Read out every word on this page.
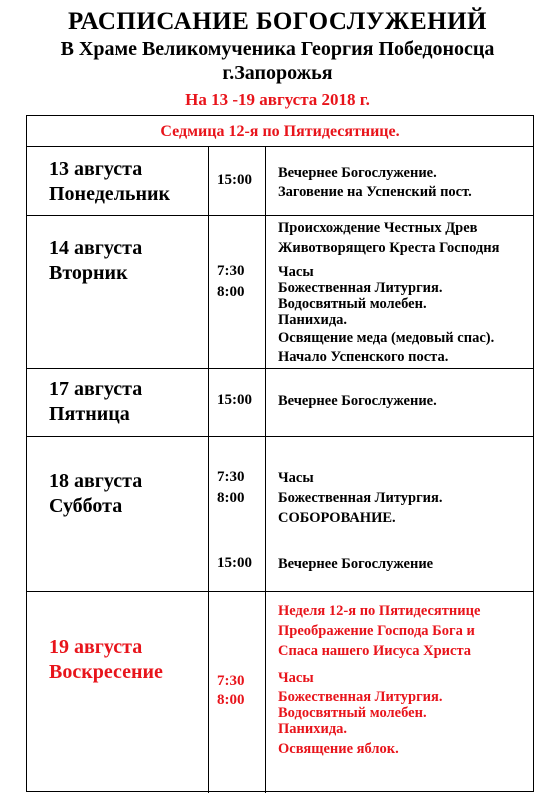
РАСПИСАНИЕ БОГОСЛУЖЕНИЙ
В Храме Великомученика Георгия Победоносца
г.Запорожья
На 13 -19 августа 2018 г.
Седмица 12-я по Пятидесятнице.
13 августа
Понедельник
15:00 Вечернее Богослужение.
Заговение на Успенский пост.
14 августа
Вторник	7:30
8:00
Происхождение Честных Древ
Животворящего Креста Господня
Часы
Божественная Литургия.
Водосвятный молебен.
Панихида.
Освящение меда (медовый спас).
Начало Успенского поста.
17 августа
Пятница
15:00 Вечернее Богослужение.
18 августа
Суббота
7:30
8:00
15:00
Часы
Божественная Литургия.
СОБОРОВАНИЕ.
Вечернее Богослужение
19 августа
Воскресение	7:30
8:00
Неделя 12-я по Пятидесятнице
Преображение Господа Бога и
Спаса нашего Иисуса Христа
Часы
Божественная Литургия.
Водосвятный молебен.
Панихида.
Освящение яблок.
